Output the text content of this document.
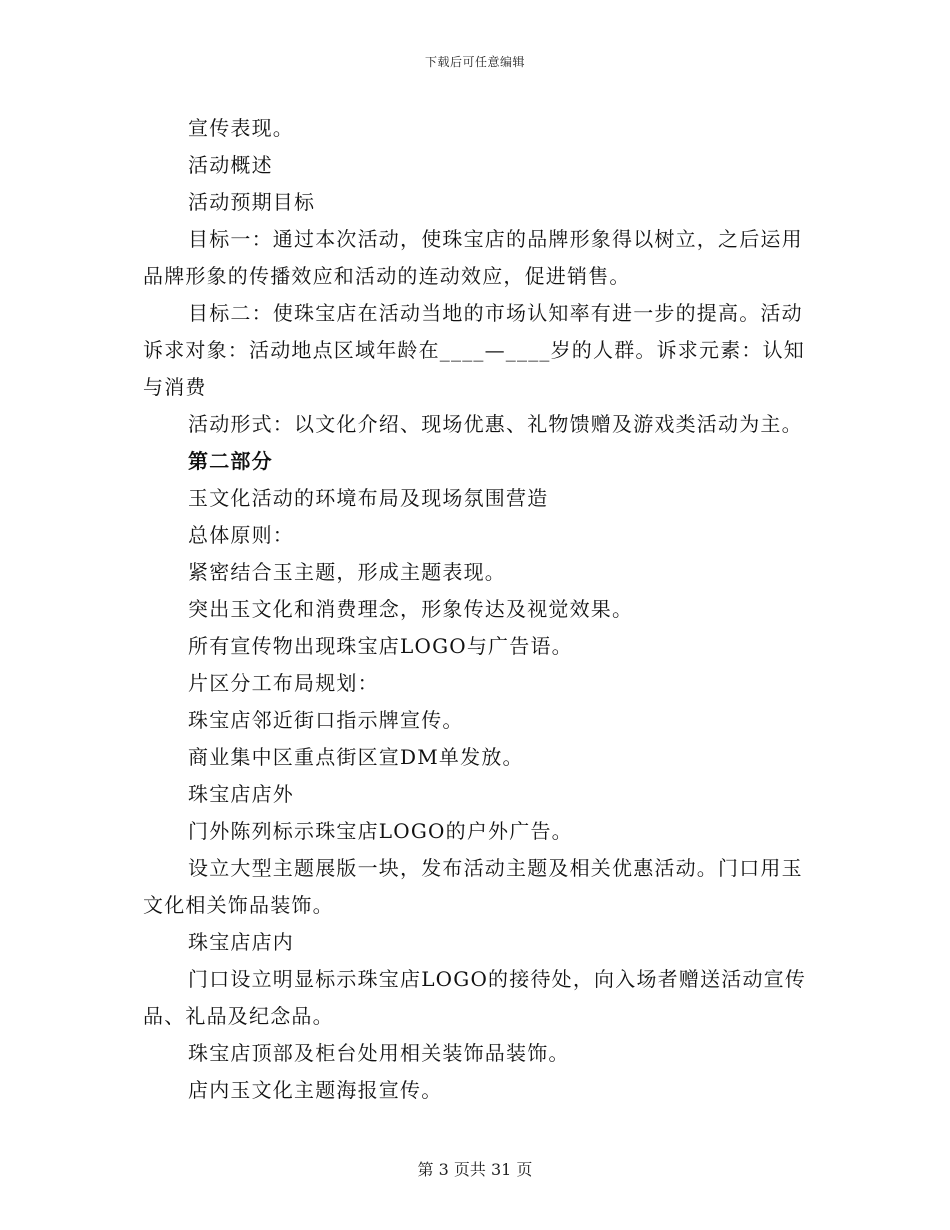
下载后可任意编辑

宣传表现。

活动概述

活动预期目标

目标一：通过本次活动，使珠宝店的品牌形象得以树立，之后运用品牌形象的传播效应和活动的连动效应，促进销售。

目标二：使珠宝店在活动当地的市场认知率有进一步的提高。活动诉求对象：活动地点区域年龄在____—____岁的人群。诉求元素：认知与消费

活动形式：以文化介绍、现场优惠、礼物馈赠及游戏类活动为主。

第二部分

玉文化活动的环境布局及现场氛围营造

总体原则：

紧密结合玉主题，形成主题表现。

突出玉文化和消费理念，形象传达及视觉效果。

所有宣传物出现珠宝店LOGO与广告语。

片区分工布局规划：

珠宝店邻近街口指示牌宣传。

商业集中区重点街区宣DM单发放。

珠宝店店外

门外陈列标示珠宝店LOGO的户外广告。

设立大型主题展版一块，发布活动主题及相关优惠活动。门口用玉文化相关饰品装饰。

珠宝店店内

门口设立明显标示珠宝店LOGO的接待处，向入场者赠送活动宣传品、礼品及纪念品。

珠宝店顶部及柜台处用相关装饰品装饰。

店内玉文化主题海报宣传。

第 3 页共 31 页
